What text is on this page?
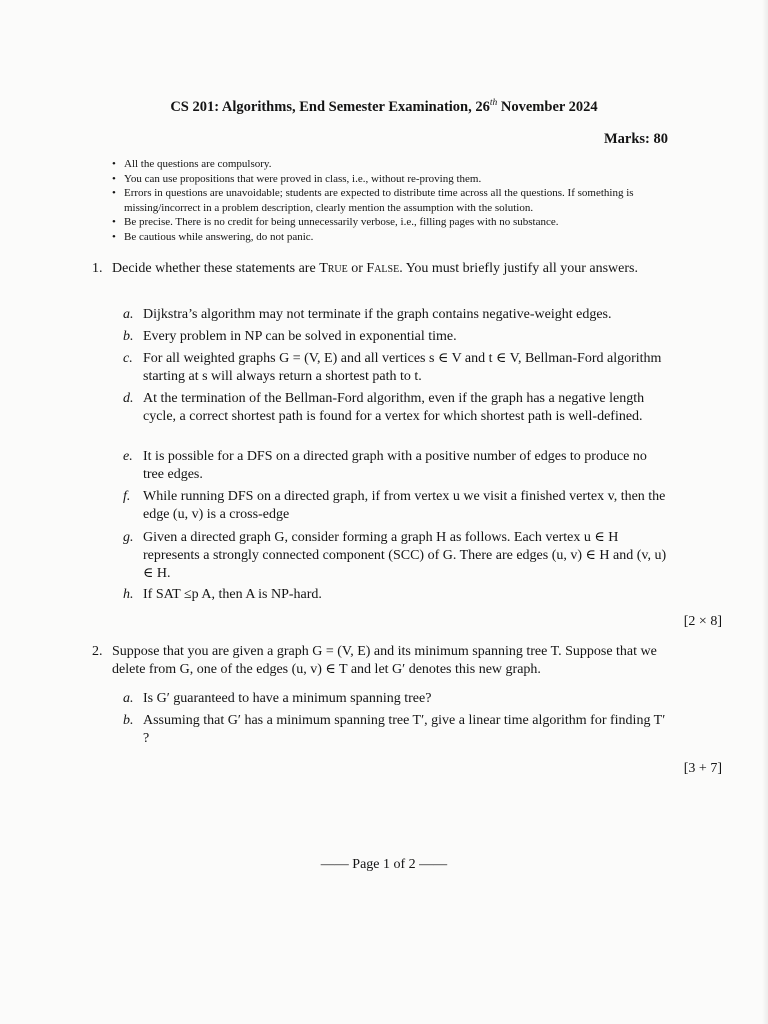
CS 201: Algorithms, End Semester Examination, 26th November 2024
Marks: 80
• All the questions are compulsory.
• You can use propositions that were proved in class, i.e., without re-proving them.
• Errors in questions are unavoidable; students are expected to distribute time across all the questions. If something is missing/incorrect in a problem description, clearly mention the assumption with the solution.
• Be precise. There is no credit for being unnecessarily verbose, i.e., filling pages with no substance.
• Be cautious while answering, do not panic.
1. Decide whether these statements are True or False. You must briefly justify all your answers.
a. Dijkstra’s algorithm may not terminate if the graph contains negative-weight edges.
b. Every problem in NP can be solved in exponential time.
c. For all weighted graphs G = (V, E) and all vertices s ∈ V and t ∈ V, Bellman-Ford algorithm starting at s will always return a shortest path to t.
d. At the termination of the Bellman-Ford algorithm, even if the graph has a negative length cycle, a correct shortest path is found for a vertex for which shortest path is well-defined.
e. It is possible for a DFS on a directed graph with a positive number of edges to produce no tree edges.
f. While running DFS on a directed graph, if from vertex u we visit a finished vertex v, then the edge (u, v) is a cross-edge
g. Given a directed graph G, consider forming a graph H as follows. Each vertex u ∈ H represents a strongly connected component (SCC) of G. There are edges (u, v) ∈ H and (v, u) ∈ H.
h. If SAT ≤p A, then A is NP-hard.
[2 × 8]
2. Suppose that you are given a graph G = (V, E) and its minimum spanning tree T. Suppose that we delete from G, one of the edges (u, v) ∈ T and let G′ denotes this new graph.
a. Is G′ guaranteed to have a minimum spanning tree?
b. Assuming that G′ has a minimum spanning tree T′, give a linear time algorithm for finding T′ ?
[3 + 7]
—— Page 1 of 2 ——
